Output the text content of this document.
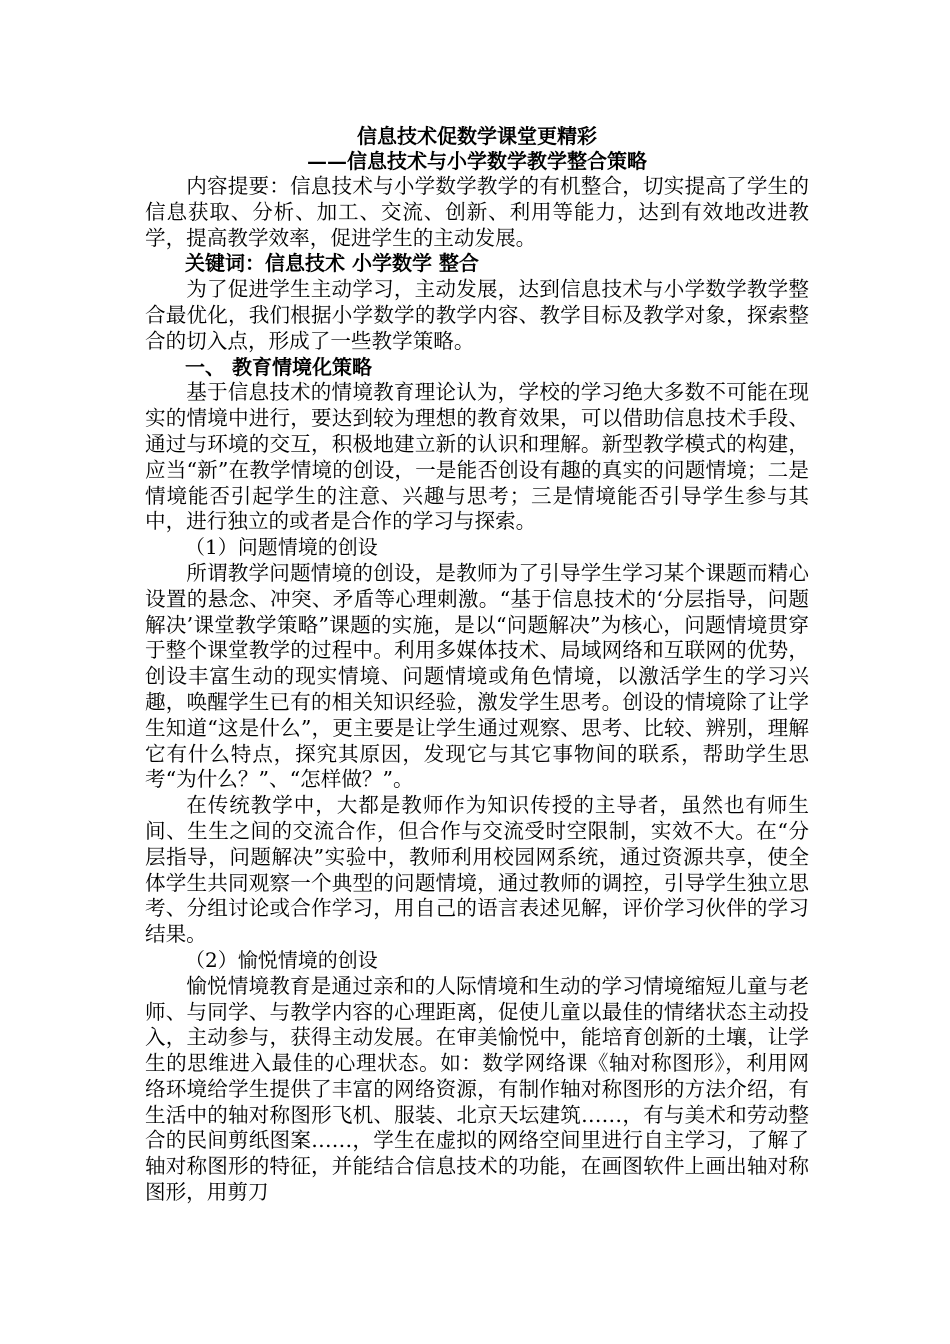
信息技术促数学课堂更精彩
——信息技术与小学数学教学整合策略

内容提要：信息技术与小学数学教学的有机整合，切实提高了学生的信息获取、分析、加工、交流、创新、利用等能力，达到有效地改进教学，提高教学效率，促进学生的主动发展。

关键词：信息技术 小学数学 整合

为了促进学生主动学习，主动发展，达到信息技术与小学数学教学整合最优化，我们根据小学数学的教学内容、教学目标及教学对象，探索整合的切入点，形成了一些教学策略。

一、 教育情境化策略

基于信息技术的情境教育理论认为，学校的学习绝大多数不可能在现实的情境中进行，要达到较为理想的教育效果，可以借助信息技术手段、通过与环境的交互，积极地建立新的认识和理解。新型教学模式的构建，应当“新”在教学情境的创设，一是能否创设有趣的真实的问题情境；二是情境能否引起学生的注意、兴趣与思考；三是情境能否引导学生参与其中，进行独立的或者是合作的学习与探索。

（1）问题情境的创设

所谓教学问题情境的创设，是教师为了引导学生学习某个课题而精心设置的悬念、冲突、矛盾等心理刺激。“基于信息技术的‘分层指导，问题解决’课堂教学策略”课题的实施，是以“问题解决”为核心，问题情境贯穿于整个课堂教学的过程中。利用多媒体技术、局域网络和互联网的优势，创设丰富生动的现实情境、问题情境或角色情境，以激活学生的学习兴趣，唤醒学生已有的相关知识经验，激发学生思考。创设的情境除了让学生知道“这是什么”，更主要是让学生通过观察、思考、比较、辨别，理解它有什么特点，探究其原因，发现它与其它事物间的联系，帮助学生思考“为什么？”、“怎样做？”。

在传统教学中，大都是教师作为知识传授的主导者，虽然也有师生间、生生之间的交流合作，但合作与交流受时空限制，实效不大。在“分层指导，问题解决”实验中，教师利用校园网系统，通过资源共享，使全体学生共同观察一个典型的问题情境，通过教师的调控，引导学生独立思考、分组讨论或合作学习，用自己的语言表述见解，评价学习伙伴的学习结果。

（2）愉悦情境的创设

愉悦情境教育是通过亲和的人际情境和生动的学习情境缩短儿童与老师、与同学、与教学内容的心理距离，促使儿童以最佳的情绪状态主动投入，主动参与，获得主动发展。在审美愉悦中，能培育创新的土壤，让学生的思维进入最佳的心理状态。如：数学网络课《轴对称图形》，利用网络环境给学生提供了丰富的网络资源，有制作轴对称图形的方法介绍，有生活中的轴对称图形飞机、服装、北京天坛建筑……，有与美术和劳动整合的民间剪纸图案……，学生在虚拟的网络空间里进行自主学习，了解了轴对称图形的特征，并能结合信息技术的功能，在画图软件上画出轴对称图形，用剪刀
